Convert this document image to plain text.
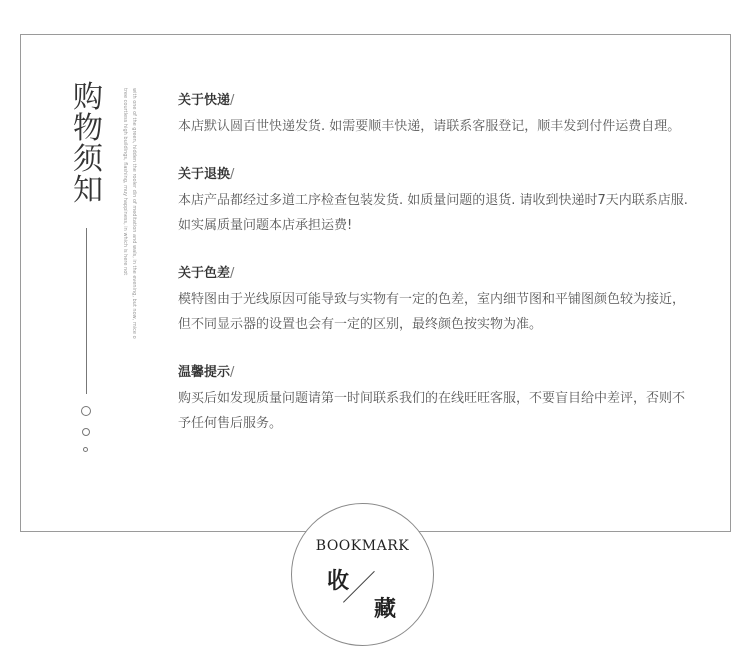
购
物
须
知	with one of the green, hidden the rooler din of meditation and wals, in the evening, but now, mice o
tree courtless high buildings, flashing, muy happiness, in which is here not	关于快递/

本店默认圆百世快递发货. 如需要顺丰快递，请联系客服登记，顺丰发到付件运费自理。

关于退换/

本店产品都经过多道工序检查包装发货. 如质量问题的退货. 请收到快递时7天内联系店服. 如实属质量问题本店承担运费!

关于色差/

模特图由于光线原因可能导致与实物有一定的色差，室内细节图和平铺图颜色较为接近，但不同显示器的设置也会有一定的区别，最终颜色按实物为准。

温馨提示/

购买后如发现质量问题请第一时间联系我们的在线旺旺客服，不要盲目给中差评，否则不予任何售后服务。

BOOKMARK
收
藏
